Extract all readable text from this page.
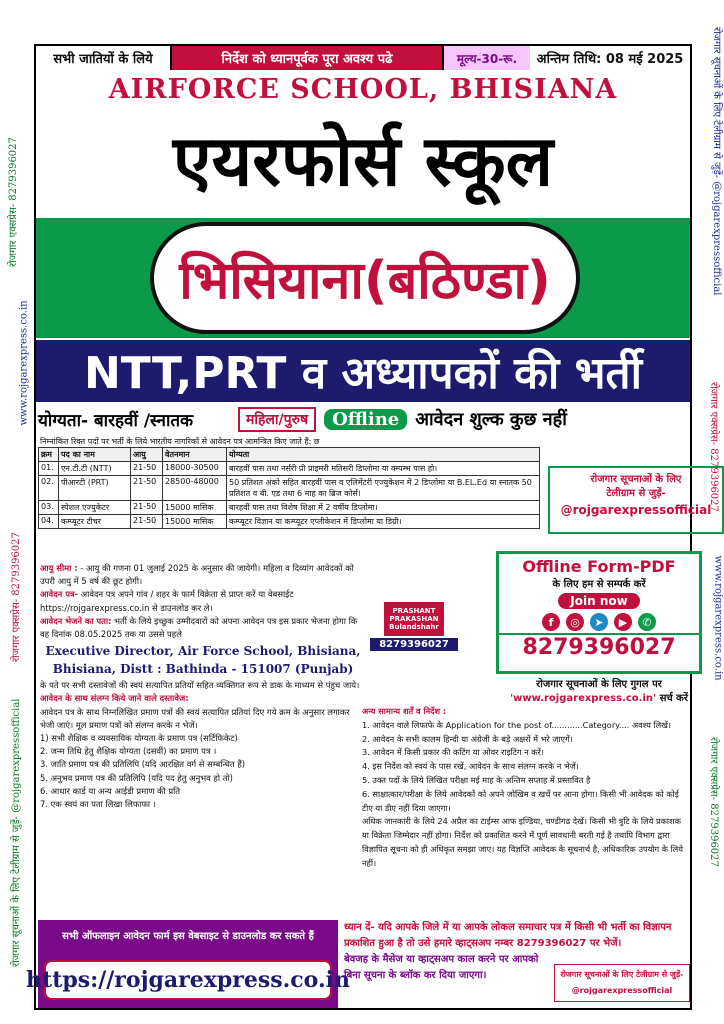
रोजगार एक्सप्रेस- 8279396027
www.rojgarexpress.co.in
रोजगार एक्सप्रेस- 8279396027
रोजगार सूचनाओं के लिए टेलीग्राम से जुड़ें- @rojgarexpressofficial
रोजगार सूचनाओं के लिए टेलीग्राम से जुड़ें- @rojgarexpressofficial
रोजगार एक्सप्रेस- 8279396027
www.rojgarexpress.co.in
रोजगार एक्सप्रेस- 8279396027
सभी जातियों के लिये	निर्देश को ध्यानपूर्वक पूरा अवश्य पढे	मूल्य-30-रू.	अन्तिम तिथि: 08 मई 2025
AIRFORCE SCHOOL, BHISIANA
एयरफोर्स स्कूल
भिसियाना(बठिण्डा)
NTT,PRT व अध्यापकों की भर्ती
योग्यता- बारहवीं /स्नातक	महिला/पुरुष	Offline आवेदन शुल्क कुछ नहीं
निम्नांकित रिक्त पदों पर भर्ती के लिये भारतीय नागरिकों से आवेदन पत्र आमन्त्रित किए जाते हैं: छ
क्रम	पद का नाम	आयु	वेतनमान	योग्यता
01.	एन.टी.टी (NTT)	21-50	18000-30500	बारहवीं पास तथा नर्सरी प्री प्राइमरी मतिसरी डिप्लोमा या क्म्पम्भ पास हो।
02.	पीआरटी (PRT)	21-50	28500-48000	50 प्रतिशत अंको सहित बारहवीं पास व एलिमेंटरी एज्युकेशन में 2 डिप्लोमा या B.EL.Ed या स्नातक 50 प्रतिशत व बी. एड तथा 6 माह का ब्रिज कोर्स।
03.	स्पेशल एज्युकेटर	21-50	15000 मासिक	बारहवीं पास तथा विशेष शिक्षा में 2 वर्षीय डिप्लोमा।
04.	कम्प्यूटर टीचर	21-50	15000 मासिक	कम्प्यूटर विज्ञान या कम्प्यूटर एप्लीकेशन में डिप्लोमा या डिग्री।
रोजगार सूचनाओं के लिए
टेलीग्राम से जुड़ें-
@rojgarexpressofficial
Offline Form-PDF
के लिए हम से सम्पर्क करें
Join now
f	◎	➤	▶	✆
8279396027
रोजगार सूचनाओं के लिए गुगल पर
'www.rojgarexpress.co.in' सर्च करें
PRASHANT PRAKASHAN
Bulandshahr
8279396027
आयु सीमा : - आयु की गणना 01 जुलाई 2025 के अनुसार की जायेगी। महिला व दिव्यांग आवेदकों को उपरी आयु में 5 वर्ष की छूट होगी।
आवेदन पत्र- आवेदन पत्र अपने गांव / शहर के फार्म विक्रेता से प्राप्त करें या वेबसाईट https://rojgarexpress.co.in से डाउनलोड कर ले।
आवेदन भेजने का पता: भर्ती के लिये इच्छुक उम्मीदवारों को अपना आवेदन पत्र इस प्रकार भेजना होगा कि वह दिनांक 08.05.2025 तक या उससे पहले
Executive Director, Air Force School, Bhisiana,
Bhisiana, Distt : Bathinda - 151007 (Punjab)
के पते पर सभी दस्तावेजों की स्वयं सत्यापित प्रतियों सहित व्यक्तिगत रूप से डाक के माध्यम से पंहुच जाये।
आवेदन के साथ संलग्न किये जाने वाले दस्तावेज:
आवेदन पत्र के साथ निम्नलिखित प्रमाण पत्रों की स्वयं सत्यापित प्रतियां दिए गये क्रम के अनुसार लगाकर भेजी जाएं। मूल प्रमाण पत्रों को संलग्न करके न भेजें।
1) सभी शैक्षिक व व्यवसायिक योग्यता के प्रमाण पत्र (सर्टिफिकेट)
2. जन्म तिथि हेतु शैक्षिक योग्यता (दसवीं) का प्रमाण पत्र ।
3. जाति प्रमाण पत्र की प्रतिलिपि (यदि आरक्षित वर्ग से सम्बन्धित हैं)
5. अनुभव प्रमाण पत्र की प्रतिलिपि (यदि पद हेतु अनुभव हो तो)
6. आधार कार्ड या अन्य आईडी प्रमाण की प्रति
7. एक स्वयं का पता लिखा लिफाफा ।
अन्य सामान्य शर्तें व निर्देश :
1. आवेदन वाले लिफाफे के Application for the post of............Category.... अवश्य लिखें।
2. आवेदन के सभी कालम हिन्दी या अंग्रेजी के बड़े अक्षरों में भरे जाएगें।
3. आवेदन में किसी प्रकार की कटिंग या ओवर राइटिंग न करें।
4. इस निर्देश को स्वयं के पास रखें, आवेदन के साथ संलग्न करके न भेजें।
5. उक्त पदों के लिये लिखित परीक्षा मई माह के अन्तिम सप्ताह में प्रस्तावित है
6. साक्षात्कार/परीक्षा के लिये आवेदकों को अपने जोखिम व खर्चे पर आना होगा। किसी भी आवेदक को कोई टीए या डीए नहीं दिया जाएगा।
अधिक जानकारी के लिये 24 अप्रैल का टाईम्स आफ इण्डिया, चण्डीगढ देखें। किसी भी त्रुटि के लिये प्रकाशक या विक्रेता जिम्मेदार नहीं होगा। निर्देश को प्रकाशित करने में पूर्ण सावधानी बरती गई है तथापि विभाग द्वारा विज्ञापित सूचना को ही अधिकृत समझा जाए। यह विज्ञप्ति आवेदक के सूचनार्थ है, अधिकारिक उपयोग के लिये नहीं।
सभी ऑफलाइन आवेदन फार्म इस वेबसाइट से डाउनलोड कर सकते हैं
https://rojgarexpress.co.in
ध्यान दें- यदि आपके जिले में या आपके लोकल समाचार पत्र में किसी भी भर्ती का विज्ञापन प्रकाशित हुआ है तो उसे हमारे व्हाट्सअप नम्बर 8279396027 पर भेजें।
बेवजह के मैसेज या व्हाट्सअप काल करने पर आपको बिना सूचना के ब्लॉक कर दिया जाएगा।	रोजगार सूचनाओं के लिए टेलीग्राम से जुड़ें- @rojgarexpressofficial
